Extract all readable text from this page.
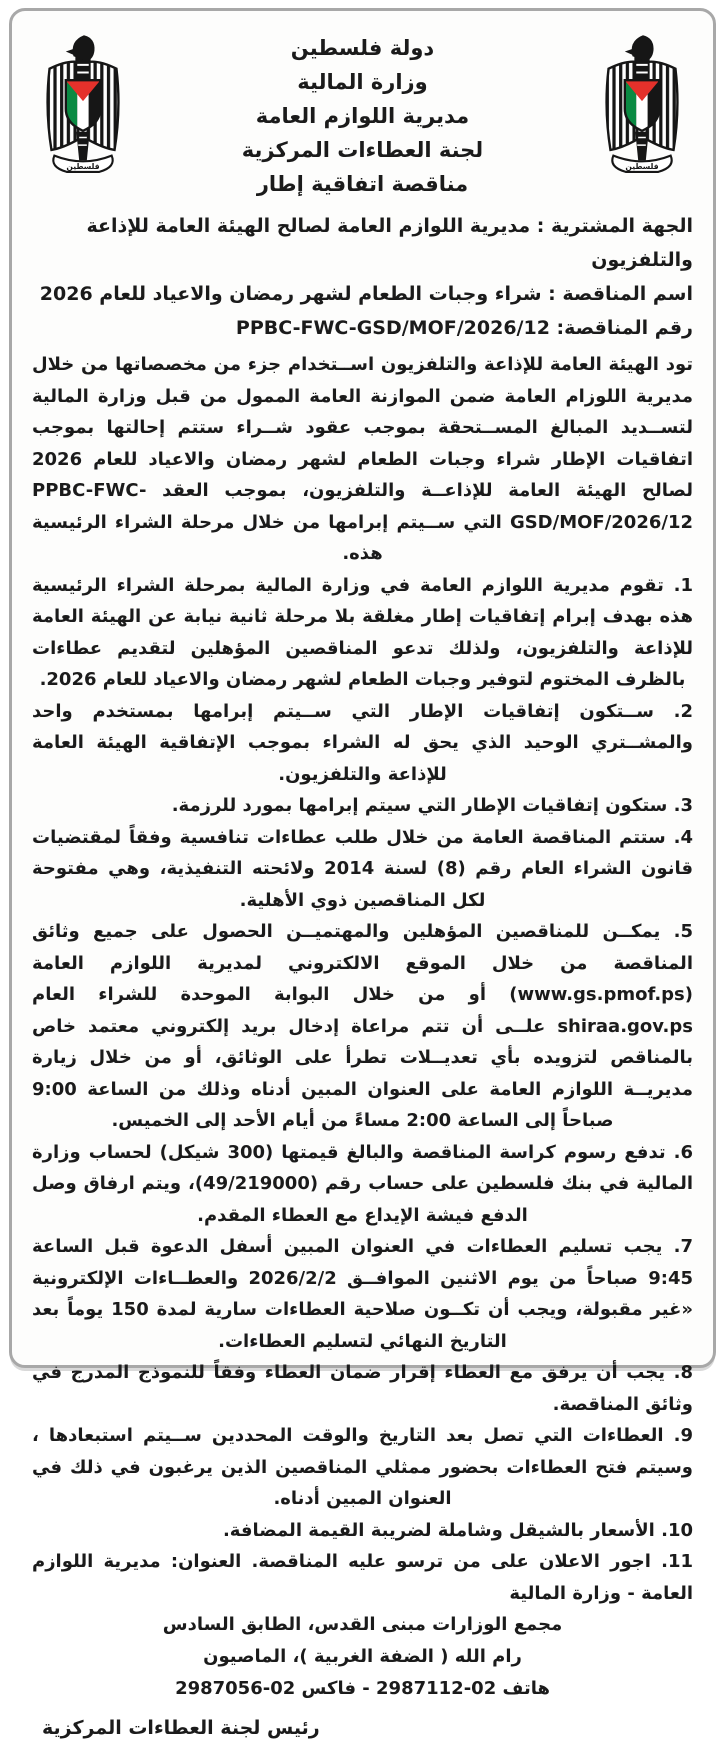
دولة فلسطين
وزارة المالية
مديرية اللوازم العامة
لجنة العطاءات المركزية
مناقصة اتفاقية إطار

الجهة المشترية : مديرية اللوازم العامة لصالح الهيئة العامة للإذاعة والتلفزيون

اسم المناقصة : شراء وجبات الطعام لشهر رمضان والاعياد للعام 2026

رقم المناقصة: PPBC-FWC-GSD/MOF/2026/12

تود الهيئة العامة للإذاعة والتلفزيون اســتخدام جزء من مخصصاتها من خلال مديرية اللوزام العامة ضمن الموازنة العامة الممول من قبل وزارة المالية لتســديد المبالغ المســتحقة بموجب عقود شــراء ستتم إحالتها بموجب اتفاقيات الإطار شراء وجبات الطعام لشهر رمضان والاعياد للعام 2026 لصالح الهيئة العامة للإذاعــة والتلفزيون، بموجب العقد PPBC-FWC-GSD/MOF/2026/12 التي ســيتم إبرامها من خلال مرحلة الشراء الرئيسية هذه.

1. تقوم مديرية اللوازم العامة في وزارة المالية بمرحلة الشراء الرئيسية هذه بهدف إبرام إتفاقيات إطار مغلقة بلا مرحلة ثانية نيابة عن الهيئة العامة للإذاعة والتلفزيون، ولذلك تدعو المناقصين المؤهلين لتقديم عطاءات بالظرف المختوم لتوفير وجبات الطعام لشهر رمضان والاعياد للعام 2026.

2. ســتكون إتفاقيات الإطار التي ســيتم إبرامها بمستخدم واحد والمشــتري الوحيد الذي يحق له الشراء بموجب الإتفاقية الهيئة العامة للإذاعة والتلفزيون.

3. ستكون إتفاقيات الإطار التي سيتم إبرامها بمورد للرزمة.

4. ستتم المناقصة العامة من خلال طلب عطاءات تنافسية وفقاً لمقتضيات قانون الشراء العام رقم (8) لسنة 2014 ولائحته التنفيذية، وهي مفتوحة لكل المناقصين ذوي الأهلية.

5. يمكــن للمناقصين المؤهلين والمهتميــن الحصول على جميع وثائق المناقصة من خلال الموقع الالكتروني لمديرية اللوازم العامة (www.gs.pmof.ps) أو من خلال البوابة الموحدة للشراء العام shiraa.gov.ps علــى أن تتم مراعاة إدخال بريد إلكتروني معتمد خاص بالمناقص لتزويده بأي تعديــلات تطرأ على الوثائق، أو من خلال زيارة مديريــة اللوازم العامة على العنوان المبين أدناه وذلك من الساعة 9:00 صباحاً إلى الساعة 2:00 مساءً من أيام الأحد إلى الخميس.

6. تدفع رسوم كراسة المناقصة والبالغ قيمتها (300 شيكل) لحساب وزارة المالية في بنك فلسطين على حساب رقم (49/219000)، ويتم ارفاق وصل الدفع فيشة الإيداع مع العطاء المقدم.

7. يجب تسليم العطاءات في العنوان المبين أسفل الدعوة قبل الساعة 9:45 صباحاً من يوم الاثنين الموافــق 2026/2/2 والعطــاءات الإلكترونية «غير مقبولة، ويجب أن تكــون صلاحية العطاءات سارية لمدة 150 يوماً بعد التاريخ النهائي لتسليم العطاءات.

8. يجب أن يرفق مع العطاء إقرار ضمان العطاء وفقاً للنموذج المدرج في وثائق المناقصة.

9. العطاءات التي تصل بعد التاريخ والوقت المحددين ســيتم استبعادها ، وسيتم فتح العطاءات بحضور ممثلي المناقصين الذين يرغبون في ذلك في العنوان المبين أدناه.

10. الأسعار بالشيقل وشاملة لضريبة القيمة المضافة.

11. اجور الاعلان على من ترسو عليه المناقصة. العنوان: مديرية اللوازم العامة - وزارة المالية

مجمع الوزارات مبنى القدس، الطابق السادس

رام الله ( الضفة الغربية )، الماصيون

هاتف 02-2987112 - فاكس 02-2987056

رئيس لجنة العطاءات المركزية
